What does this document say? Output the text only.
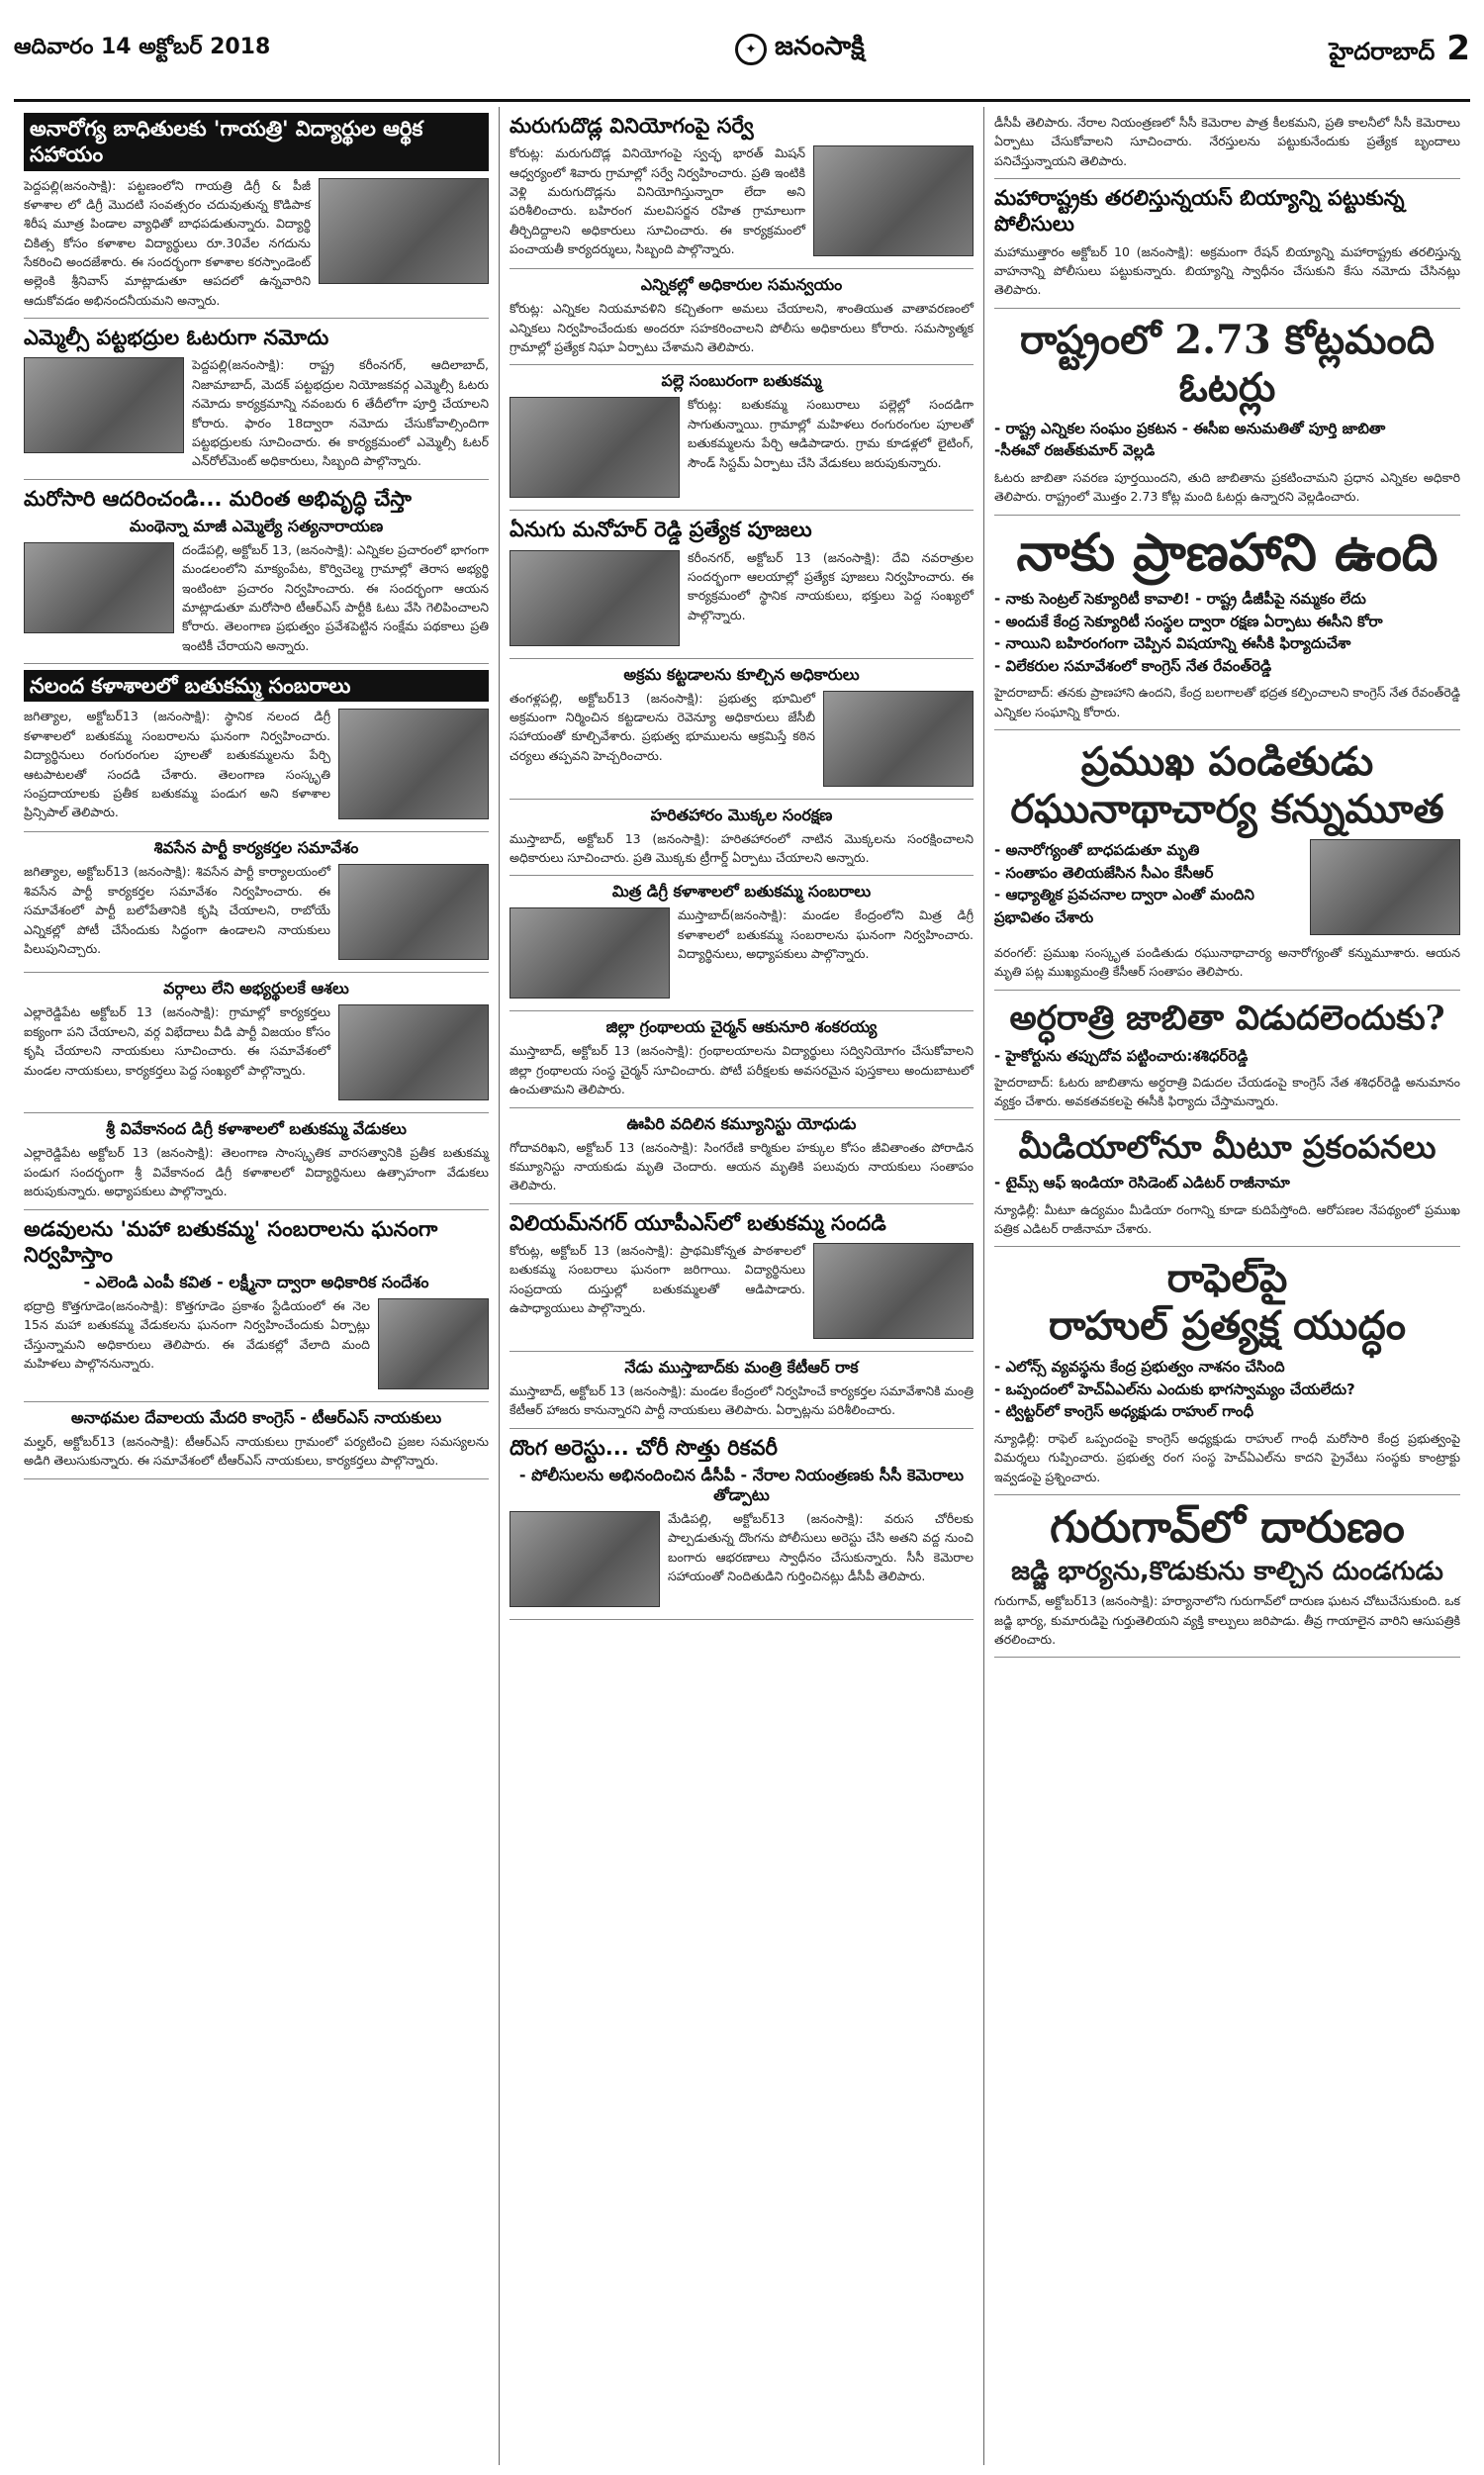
ఆదివారం 14 అక్టోబర్ 2018	✦ జనంసాక్షి	హైదరాబాద్ 2
అనారోగ్య బాధితులకు 'గాయత్రి' విద్యార్థుల ఆర్థిక సహాయం

పెద్దపల్లి(జనంసాక్షి): పట్టణంలోని గాయత్రి డిగ్రీ & పీజీ కళాశాల లో డిగ్రీ మొదటి సంవత్సరం చదువుతున్న కొడిపాక శిరీష మూత్ర పిండాల వ్యాధితో బాధపడుతున్నారు. విద్యార్థి చికిత్స కోసం కళాశాల విద్యార్థులు రూ.30వేల నగదును సేకరించి అందజేశారు. ఈ సందర్భంగా కళాశాల కరస్పాండెంట్ అల్లెంకి శ్రీనివాస్ మాట్లాడుతూ ఆపదలో ఉన్నవారిని ఆదుకోవడం అభినందనీయమని అన్నారు.

ఎమ్మెల్సీ పట్టభద్రుల ఓటరుగా నమోదు

పెద్దపల్లి(జనంసాక్షి): రాష్ట్ర కరీంనగర్, ఆదిలాబాద్, నిజామాబాద్, మెదక్ పట్టభద్రుల నియోజకవర్గ ఎమ్మెల్సీ ఓటరు నమోదు కార్యక్రమాన్ని నవంబరు 6 తేదీలోగా పూర్తి చేయాలని కోరారు. ఫారం 18ద్వారా నమోదు చేసుకోవాల్సిందిగా పట్టభద్రులకు సూచించారు. ఈ కార్యక్రమంలో ఎమ్మెల్సీ ఓటర్ ఎన్‌రోల్‌మెంట్ అధికారులు, సిబ్బంది పాల్గొన్నారు.

మరోసారి ఆదరించండి... మరింత అభివృద్ధి చేస్తా
మంథెన్నా మాజీ ఎమ్మెల్యే సత్యనారాయణ

దండేపల్లి, అక్టోబర్ 13, (జనంసాక్షి): ఎన్నికల ప్రచారంలో భాగంగా మండలంలోని మాక్యంపేట, కొర్విచెల్మ గ్రామాల్లో తెరాస అభ్యర్థి ఇంటింటా ప్రచారం నిర్వహించారు. ఈ సందర్భంగా ఆయన మాట్లాడుతూ మరోసారి టీఆర్‌ఎస్ పార్టీకి ఓటు వేసి గెలిపించాలని కోరారు. తెలంగాణ ప్రభుత్వం ప్రవేశపెట్టిన సంక్షేమ పథకాలు ప్రతి ఇంటికీ చేరాయని అన్నారు.

నలంద కళాశాలలో బతుకమ్మ సంబరాలు

జగిత్యాల, అక్టోబర్13 (జనంసాక్షి): స్థానిక నలంద డిగ్రీ కళాశాలలో బతుకమ్మ సంబరాలను ఘనంగా నిర్వహించారు. విద్యార్థినులు రంగురంగుల పూలతో బతుకమ్మలను పేర్చి ఆటపాటలతో సందడి చేశారు. తెలంగాణ సంస్కృతి సంప్రదాయాలకు ప్రతీక బతుకమ్మ పండుగ అని కళాశాల ప్రిన్సిపాల్ తెలిపారు.

శివసేన పార్టీ కార్యకర్తల సమావేశం

జగిత్యాల, అక్టోబర్13 (జనంసాక్షి): శివసేన పార్టీ కార్యాలయంలో శివసేన పార్టీ కార్యకర్తల సమావేశం నిర్వహించారు. ఈ సమావేశంలో పార్టీ బలోపేతానికి కృషి చేయాలని, రాబోయే ఎన్నికల్లో పోటీ చేసేందుకు సిద్ధంగా ఉండాలని నాయకులు పిలుపునిచ్చారు.

వర్గాలు లేని అభ్యర్థులకే ఆశలు

ఎల్లారెడ్డిపేట అక్టోబర్ 13 (జనంసాక్షి): గ్రామాల్లో కార్యకర్తలు ఐక్యంగా పని చేయాలని, వర్గ విభేదాలు వీడి పార్టీ విజయం కోసం కృషి చేయాలని నాయకులు సూచించారు. ఈ సమావేశంలో మండల నాయకులు, కార్యకర్తలు పెద్ద సంఖ్యలో పాల్గొన్నారు.

శ్రీ వివేకానంద డిగ్రీ కళాశాలలో బతుకమ్మ వేడుకలు

ఎల్లారెడ్డిపేట అక్టోబర్ 13 (జనంసాక్షి): తెలంగాణ సాంస్కృతిక వారసత్వానికి ప్రతీక బతుకమ్మ పండుగ సందర్భంగా శ్రీ వివేకానంద డిగ్రీ కళాశాలలో విద్యార్థినులు ఉత్సాహంగా వేడుకలు జరుపుకున్నారు. అధ్యాపకులు పాల్గొన్నారు.

అడవులను 'మహా బతుకమ్మ' సంబరాలను ఘనంగా నిర్వహిస్తాం
- ఎలెండి ఎంపీ కవిత - లక్ష్మీనా ద్వారా అధికారిక సందేశం

భద్రాద్రి కొత్తగూడెం(జనంసాక్షి): కొత్తగూడెం ప్రకాశం స్టేడియంలో ఈ నెల 15న మహా బతుకమ్మ వేడుకలను ఘనంగా నిర్వహించేందుకు ఏర్పాట్లు చేస్తున్నామని అధికారులు తెలిపారు. ఈ వేడుకల్లో వేలాది మంది మహిళలు పాల్గొననున్నారు.

అనాథమల దేవాలయ మేదరి కాంగ్రెస్ - టీఆర్ఎస్ నాయకులు

మల్హర్, అక్టోబర్13 (జనంసాక్షి): టీఆర్ఎస్ నాయకులు గ్రామంలో పర్యటించి ప్రజల సమస్యలను అడిగి తెలుసుకున్నారు. ఈ సమావేశంలో టీఆర్ఎస్ నాయకులు, కార్యకర్తలు పాల్గొన్నారు.

మరుగుదొడ్ల వినియోగంపై సర్వే

కోరుట్ల: మరుగుదొడ్ల వినియోగంపై స్వచ్ఛ భారత్ మిషన్ ఆధ్వర్యంలో శివారు గ్రామాల్లో సర్వే నిర్వహించారు. ప్రతి ఇంటికి వెళ్లి మరుగుదొడ్లను వినియోగిస్తున్నారా లేదా అని పరిశీలించారు. బహిరంగ మలవిసర్జన రహిత గ్రామాలుగా తీర్చిదిద్దాలని అధికారులు సూచించారు. ఈ కార్యక్రమంలో పంచాయతీ కార్యదర్శులు, సిబ్బంది పాల్గొన్నారు.

ఎన్నికల్లో అధికారుల సమన్వయం

కోరుట్ల: ఎన్నికల నియమావళిని కచ్చితంగా అమలు చేయాలని, శాంతియుత వాతావరణంలో ఎన్నికలు నిర్వహించేందుకు అందరూ సహకరించాలని పోలీసు అధికారులు కోరారు. సమస్యాత్మక గ్రామాల్లో ప్రత్యేక నిఘా ఏర్పాటు చేశామని తెలిపారు.

పల్లె సంబురంగా బతుకమ్మ

కోరుట్ల: బతుకమ్మ సంబురాలు పల్లెల్లో సందడిగా సాగుతున్నాయి. గ్రామాల్లో మహిళలు రంగురంగుల పూలతో బతుకమ్మలను పేర్చి ఆడిపాడారు. గ్రామ కూడళ్లలో లైటింగ్, సౌండ్ సిస్టమ్ ఏర్పాటు చేసి వేడుకలు జరుపుకున్నారు.

ఏనుగు మనోహర్ రెడ్డి ప్రత్యేక పూజలు

కరీంనగర్, అక్టోబర్ 13 (జనంసాక్షి): దేవి నవరాత్రుల సందర్భంగా ఆలయాల్లో ప్రత్యేక పూజలు నిర్వహించారు. ఈ కార్యక్రమంలో స్థానిక నాయకులు, భక్తులు పెద్ద సంఖ్యలో పాల్గొన్నారు.

అక్రమ కట్టడాలను కూల్చిన అధికారులు

తంగళ్లపల్లి, అక్టోబర్13 (జనంసాక్షి): ప్రభుత్వ భూమిలో అక్రమంగా నిర్మించిన కట్టడాలను రెవెన్యూ అధికారులు జేసీబీ సహాయంతో కూల్చివేశారు. ప్రభుత్వ భూములను ఆక్రమిస్తే కఠిన చర్యలు తప్పవని హెచ్చరించారు.

హరితహారం మొక్కల సంరక్షణ

ముస్తాబాద్, అక్టోబర్ 13 (జనంసాక్షి): హరితహారంలో నాటిన మొక్కలను సంరక్షించాలని అధికారులు సూచించారు. ప్రతి మొక్కకు ట్రీగార్డ్ ఏర్పాటు చేయాలని అన్నారు.

మిత్ర డిగ్రీ కళాశాలలో బతుకమ్మ సంబరాలు

ముస్తాబాద్(జనంసాక్షి): మండల కేంద్రంలోని మిత్ర డిగ్రీ కళాశాలలో బతుకమ్మ సంబరాలను ఘనంగా నిర్వహించారు. విద్యార్థినులు, అధ్యాపకులు పాల్గొన్నారు.

జిల్లా గ్రంథాలయ చైర్మన్ ఆకునూరి శంకరయ్య

ముస్తాబాద్, అక్టోబర్ 13 (జనంసాక్షి): గ్రంథాలయాలను విద్యార్థులు సద్వినియోగం చేసుకోవాలని జిల్లా గ్రంథాలయ సంస్థ చైర్మన్ సూచించారు. పోటీ పరీక్షలకు అవసరమైన పుస్తకాలు అందుబాటులో ఉంచుతామని తెలిపారు.

ఊపిరి వదిలిన కమ్యూనిస్టు యోధుడు

గోదావరిఖని, అక్టోబర్ 13 (జనంసాక్షి): సింగరేణి కార్మికుల హక్కుల కోసం జీవితాంతం పోరాడిన కమ్యూనిస్టు నాయకుడు మృతి చెందారు. ఆయన మృతికి పలువురు నాయకులు సంతాపం తెలిపారు.

విలియమ్‌నగర్ యూపీఎస్‌లో బతుకమ్మ సందడి

కోరుట్ల, అక్టోబర్ 13 (జనంసాక్షి): ప్రాథమికోన్నత పాఠశాలలో బతుకమ్మ సంబరాలు ఘనంగా జరిగాయి. విద్యార్థినులు సంప్రదాయ దుస్తుల్లో బతుకమ్మలతో ఆడిపాడారు. ఉపాధ్యాయులు పాల్గొన్నారు.

నేడు ముస్తాబాద్‌కు మంత్రి కేటీఆర్ రాక

ముస్తాబాద్, అక్టోబర్ 13 (జనంసాక్షి): మండల కేంద్రంలో నిర్వహించే కార్యకర్తల సమావేశానికి మంత్రి కేటీఆర్ హాజరు కానున్నారని పార్టీ నాయకులు తెలిపారు. ఏర్పాట్లను పరిశీలించారు.

దొంగ అరెస్టు... చోరీ సొత్తు రికవరీ
- పోలీసులను అభినందించిన డీసీపీ - నేరాల నియంత్రణకు సీసీ కెమెరాలు తోడ్పాటు

మేడిపల్లి, అక్టోబర్13 (జనంసాక్షి): వరుస చోరీలకు పాల్పడుతున్న దొంగను పోలీసులు అరెస్టు చేసి అతని వద్ద నుంచి బంగారు ఆభరణాలు స్వాధీనం చేసుకున్నారు. సీసీ కెమెరాల సహాయంతో నిందితుడిని గుర్తించినట్లు డీసీపీ తెలిపారు.

డీసీపీ తెలిపారు. నేరాల నియంత్రణలో సీసీ కెమెరాల పాత్ర కీలకమని, ప్రతి కాలనీలో సీసీ కెమెరాలు ఏర్పాటు చేసుకోవాలని సూచించారు. నేరస్తులను పట్టుకునేందుకు ప్రత్యేక బృందాలు పనిచేస్తున్నాయని తెలిపారు.

మహారాష్ట్రకు తరలిస్తున్నయస్ బియ్యాన్ని పట్టుకున్న పోలీసులు

మహాముత్తారం అక్టోబర్ 10 (జనంసాక్షి): అక్రమంగా రేషన్ బియ్యాన్ని మహారాష్ట్రకు తరలిస్తున్న వాహనాన్ని పోలీసులు పట్టుకున్నారు. బియ్యాన్ని స్వాధీనం చేసుకుని కేసు నమోదు చేసినట్లు తెలిపారు.

రాష్ట్రంలో 2.73 కోట్లమంది ఓటర్లు

- రాష్ట్ర ఎన్నికల సంఘం ప్రకటన - ఈసీఐ అనుమతితో పూర్తి జాబితా
-సీఈవో రజత్‌కుమార్ వెల్లడి

ఓటరు జాబితా సవరణ పూర్తయిందని, తుది జాబితాను ప్రకటించామని ప్రధాన ఎన్నికల అధికారి తెలిపారు. రాష్ట్రంలో మొత్తం 2.73 కోట్ల మంది ఓటర్లు ఉన్నారని వెల్లడించారు.

నాకు ప్రాణహాని ఉంది

- నాకు సెంట్రల్ సెక్యూరిటీ కావాలి! - రాష్ట్ర డీజీపీపై నమ్మకం లేదు
- అందుకే కేంద్ర సెక్యూరిటీ సంస్థల ద్వారా రక్షణ ఏర్పాటు ఈసీని కోరా
- నాయిని బహిరంగంగా చెప్పిన విషయాన్ని ఈసీకి ఫిర్యాదుచేశా
- విలేకరుల సమావేశంలో కాంగ్రెస్ నేత రేవంత్‌రెడ్డి

హైదరాబాద్: తనకు ప్రాణహాని ఉందని, కేంద్ర బలగాలతో భద్రత కల్పించాలని కాంగ్రెస్ నేత రేవంత్‌రెడ్డి ఎన్నికల సంఘాన్ని కోరారు.

ప్రముఖ పండితుడు

రఘునాథాచార్య కన్నుమూత

- అనారోగ్యంతో బాధపడుతూ మృతి
- సంతాపం తెలియజేసిన సీఎం కేసీఆర్
- ఆధ్యాత్మిక ప్రవచనాల ద్వారా ఎంతో మందిని ప్రభావితం చేశారు

వరంగల్: ప్రముఖ సంస్కృత పండితుడు రఘునాథాచార్య అనారోగ్యంతో కన్నుమూశారు. ఆయన మృతి పట్ల ముఖ్యమంత్రి కేసీఆర్ సంతాపం తెలిపారు.

అర్ధరాత్రి జాబితా విడుదలెందుకు?

- హైకోర్టును తప్పుదోవ పట్టించారు:శశిధర్‌రెడ్డి

హైదరాబాద్: ఓటరు జాబితాను అర్ధరాత్రి విడుదల చేయడంపై కాంగ్రెస్ నేత శశిధర్‌రెడ్డి అనుమానం వ్యక్తం చేశారు. అవకతవకలపై ఈసీకి ఫిర్యాదు చేస్తామన్నారు.

మీడియాలోనూ మీటూ ప్రకంపనలు

- టైమ్స్ ఆఫ్ ఇండియా రెసిడెంట్ ఎడిటర్ రాజీనామా

న్యూఢిల్లీ: మీటూ ఉద్యమం మీడియా రంగాన్ని కూడా కుదిపేస్తోంది. ఆరోపణల నేపథ్యంలో ప్రముఖ పత్రిక ఎడిటర్ రాజీనామా చేశారు.

రాఫెల్‌పై

రాహుల్ ప్రత్యక్ష యుద్ధం

- ఎలోన్స్ వ్యవస్థను కేంద్ర ప్రభుత్వం నాశనం చేసింది
- ఒప్పందంలో హెచ్‌ఏఎల్‌ను ఎందుకు భాగస్వామ్యం చేయలేదు?
- ట్విట్టర్‌లో కాంగ్రెస్ అధ్యక్షుడు రాహుల్ గాంధీ

న్యూఢిల్లీ: రాఫెల్ ఒప్పందంపై కాంగ్రెస్ అధ్యక్షుడు రాహుల్ గాంధీ మరోసారి కేంద్ర ప్రభుత్వంపై విమర్శలు గుప్పించారు. ప్రభుత్వ రంగ సంస్థ హెచ్‌ఏఎల్‌ను కాదని ప్రైవేటు సంస్థకు కాంట్రాక్టు ఇవ్వడంపై ప్రశ్నించారు.

గురుగావ్‌లో దారుణం

జడ్జి భార్యను,కొడుకును కాల్చిన దుండగుడు

గురుగావ్, అక్టోబర్13 (జనంసాక్షి): హర్యానాలోని గురుగావ్‌లో దారుణ ఘటన చోటుచేసుకుంది. ఒక జడ్జి భార్య, కుమారుడిపై గుర్తుతెలియని వ్యక్తి కాల్పులు జరిపాడు. తీవ్ర గాయాలైన వారిని ఆసుపత్రికి తరలించారు.
